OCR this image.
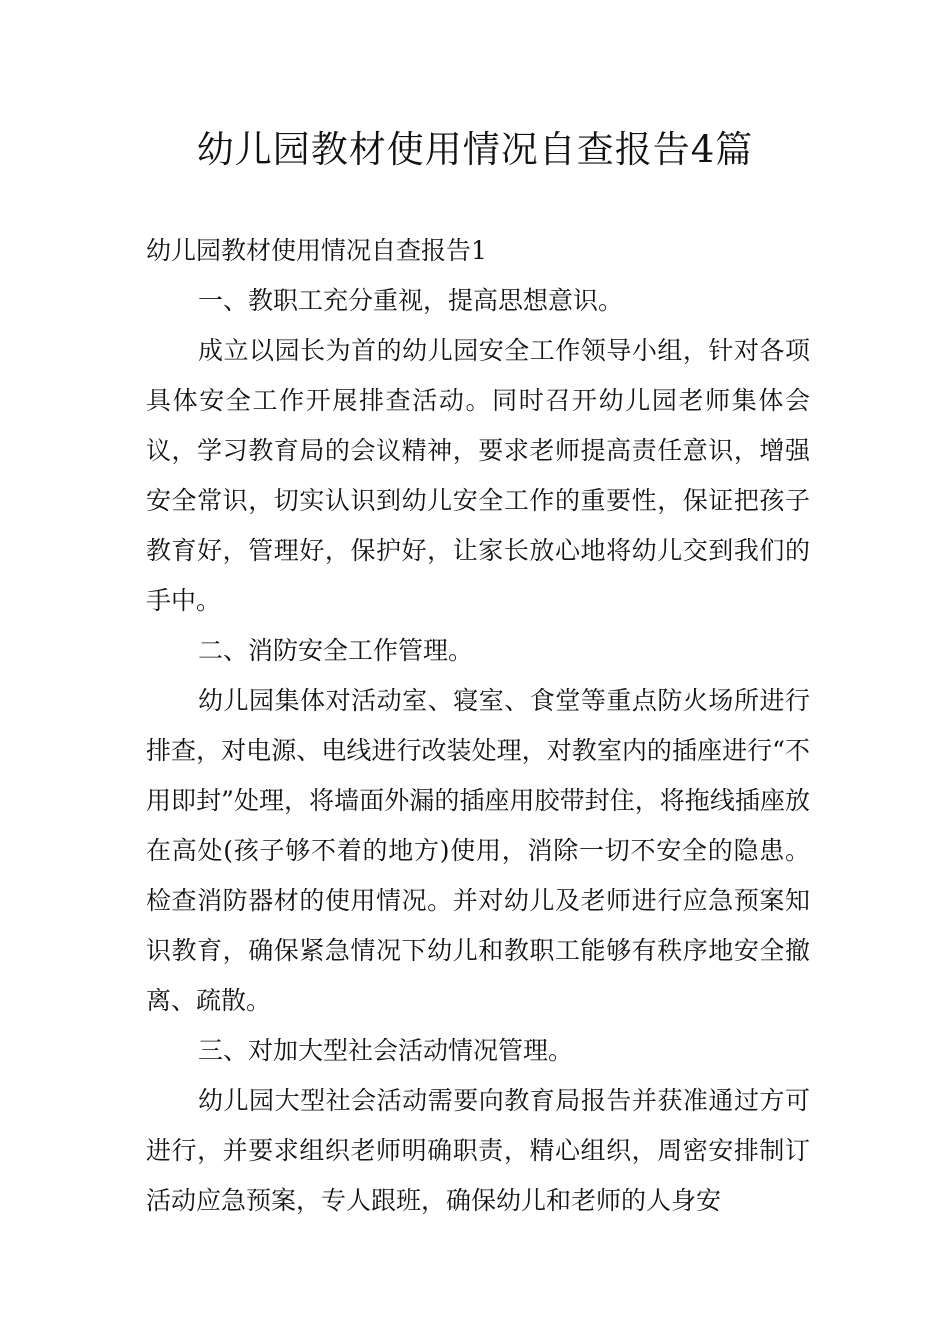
幼儿园教材使用情况自查报告4篇

幼儿园教材使用情况自查报告1

一、教职工充分重视，提高思想意识。

成立以园长为首的幼儿园安全工作领导小组，针对各项具体安全工作开展排查活动。同时召开幼儿园老师集体会议，学习教育局的会议精神，要求老师提高责任意识，增强安全常识，切实认识到幼儿安全工作的重要性，保证把孩子教育好，管理好，保护好，让家长放心地将幼儿交到我们的手中。

二、消防安全工作管理。

幼儿园集体对活动室、寝室、食堂等重点防火场所进行排查，对电源、电线进行改装处理，对教室内的插座进行“不用即封”处理，将墙面外漏的插座用胶带封住，将拖线插座放在高处(孩子够不着的地方)使用，消除一切不安全的隐患。检查消防器材的使用情况。并对幼儿及老师进行应急预案知识教育，确保紧急情况下幼儿和教职工能够有秩序地安全撤离、疏散。

三、对加大型社会活动情况管理。

幼儿园大型社会活动需要向教育局报告并获准通过方可进行，并要求组织老师明确职责，精心组织，周密安排制订活动应急预案，专人跟班，确保幼儿和老师的人身安
